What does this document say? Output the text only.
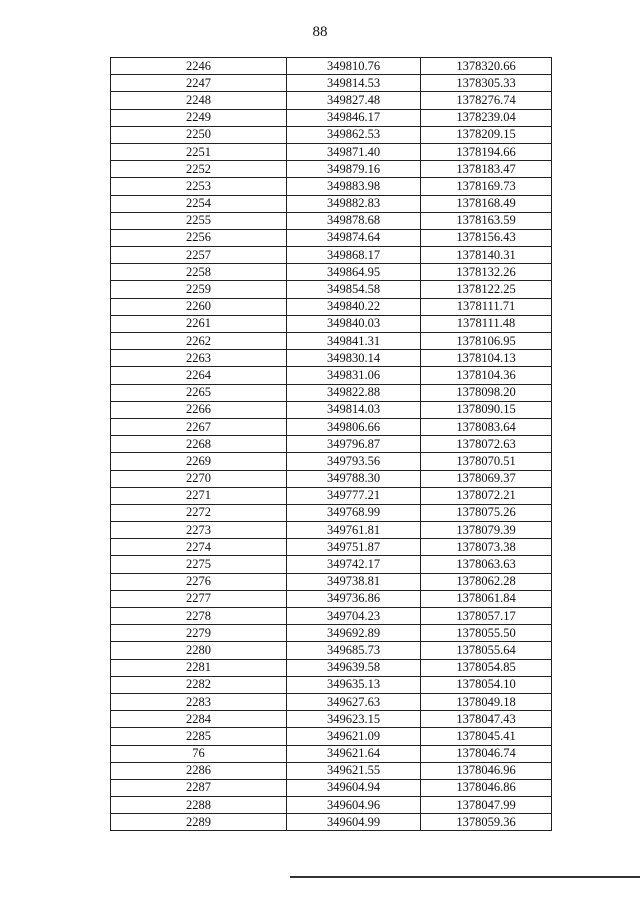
88
2246	349810.76	1378320.66
2247	349814.53	1378305.33
2248	349827.48	1378276.74
2249	349846.17	1378239.04
2250	349862.53	1378209.15
2251	349871.40	1378194.66
2252	349879.16	1378183.47
2253	349883.98	1378169.73
2254	349882.83	1378168.49
2255	349878.68	1378163.59
2256	349874.64	1378156.43
2257	349868.17	1378140.31
2258	349864.95	1378132.26
2259	349854.58	1378122.25
2260	349840.22	1378111.71
2261	349840.03	1378111.48
2262	349841.31	1378106.95
2263	349830.14	1378104.13
2264	349831.06	1378104.36
2265	349822.88	1378098.20
2266	349814.03	1378090.15
2267	349806.66	1378083.64
2268	349796.87	1378072.63
2269	349793.56	1378070.51
2270	349788.30	1378069.37
2271	349777.21	1378072.21
2272	349768.99	1378075.26
2273	349761.81	1378079.39
2274	349751.87	1378073.38
2275	349742.17	1378063.63
2276	349738.81	1378062.28
2277	349736.86	1378061.84
2278	349704.23	1378057.17
2279	349692.89	1378055.50
2280	349685.73	1378055.64
2281	349639.58	1378054.85
2282	349635.13	1378054.10
2283	349627.63	1378049.18
2284	349623.15	1378047.43
2285	349621.09	1378045.41
76	349621.64	1378046.74
2286	349621.55	1378046.96
2287	349604.94	1378046.86
2288	349604.96	1378047.99
2289	349604.99	1378059.36
